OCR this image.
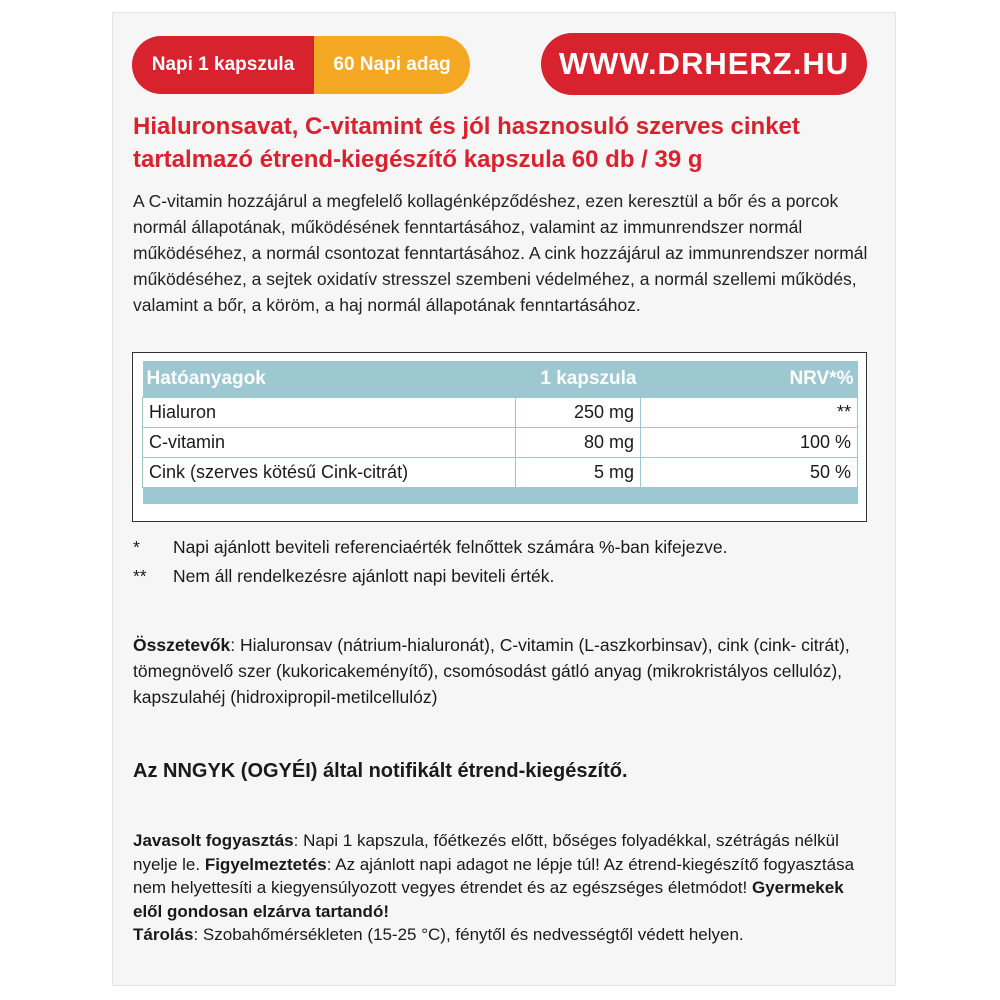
Napi 1 kapszula	60 Napi adag	WWW.DRHERZ.HU
Hialuronsavat, C-vitamint és jól hasznosuló szerves cinket
tartalmazó étrend-kiegészítő kapszula 60 db / 39 g

A C-vitamin hozzájárul a megfelelő kollagénképződéshez, ezen keresztül a bőr és a porcok normál állapotának, működésének fenntartásához, valamint az immunrendszer normál működéséhez, a normál csontozat fenntartásához. A cink hozzájárul az immunrendszer normál működéséhez, a sejtek oxidatív stresszel szembeni védelméhez, a normál szellemi működés, valamint a bőr, a köröm, a haj normál állapotának fenntartásához.

Hatóanyagok	1 kapszula	NRV*%
Hialuron	250 mg	**
C-vitamin	80 mg	100 %
Cink (szerves kötésű Cink-citrát)	5 mg	50 %

*	Napi ajánlott beviteli referenciaérték felnőttek számára %-ban kifejezve.
**	Nem áll rendelkezésre ajánlott napi beviteli érték.

Összetevők: Hialuronsav (nátrium-hialuronát), C-vitamin (L-aszkorbinsav), cink (cink- citrát), tömegnövelő szer (kukoricakeményítő), csomósodást gátló anyag (mikrokristályos cellulóz), kapszulahéj (hidroxipropil-metilcellulóz)

Az NNGYK (OGYÉI) által notifikált étrend-kiegészítő.

Javasolt fogyasztás: Napi 1 kapszula, főétkezés előtt, bőséges folyadékkal, szétrágás nélkül nyelje le. Figyelmeztetés: Az ajánlott napi adagot ne lépje túl! Az étrend-kiegészítő fogyasztása nem helyettesíti a kiegyensúlyozott vegyes étrendet és az egészséges életmódot! Gyermekek elől gondosan elzárva tartandó!
Tárolás: Szobahőmérsékleten (15-25 °C), fénytől és nedvességtől védett helyen.
